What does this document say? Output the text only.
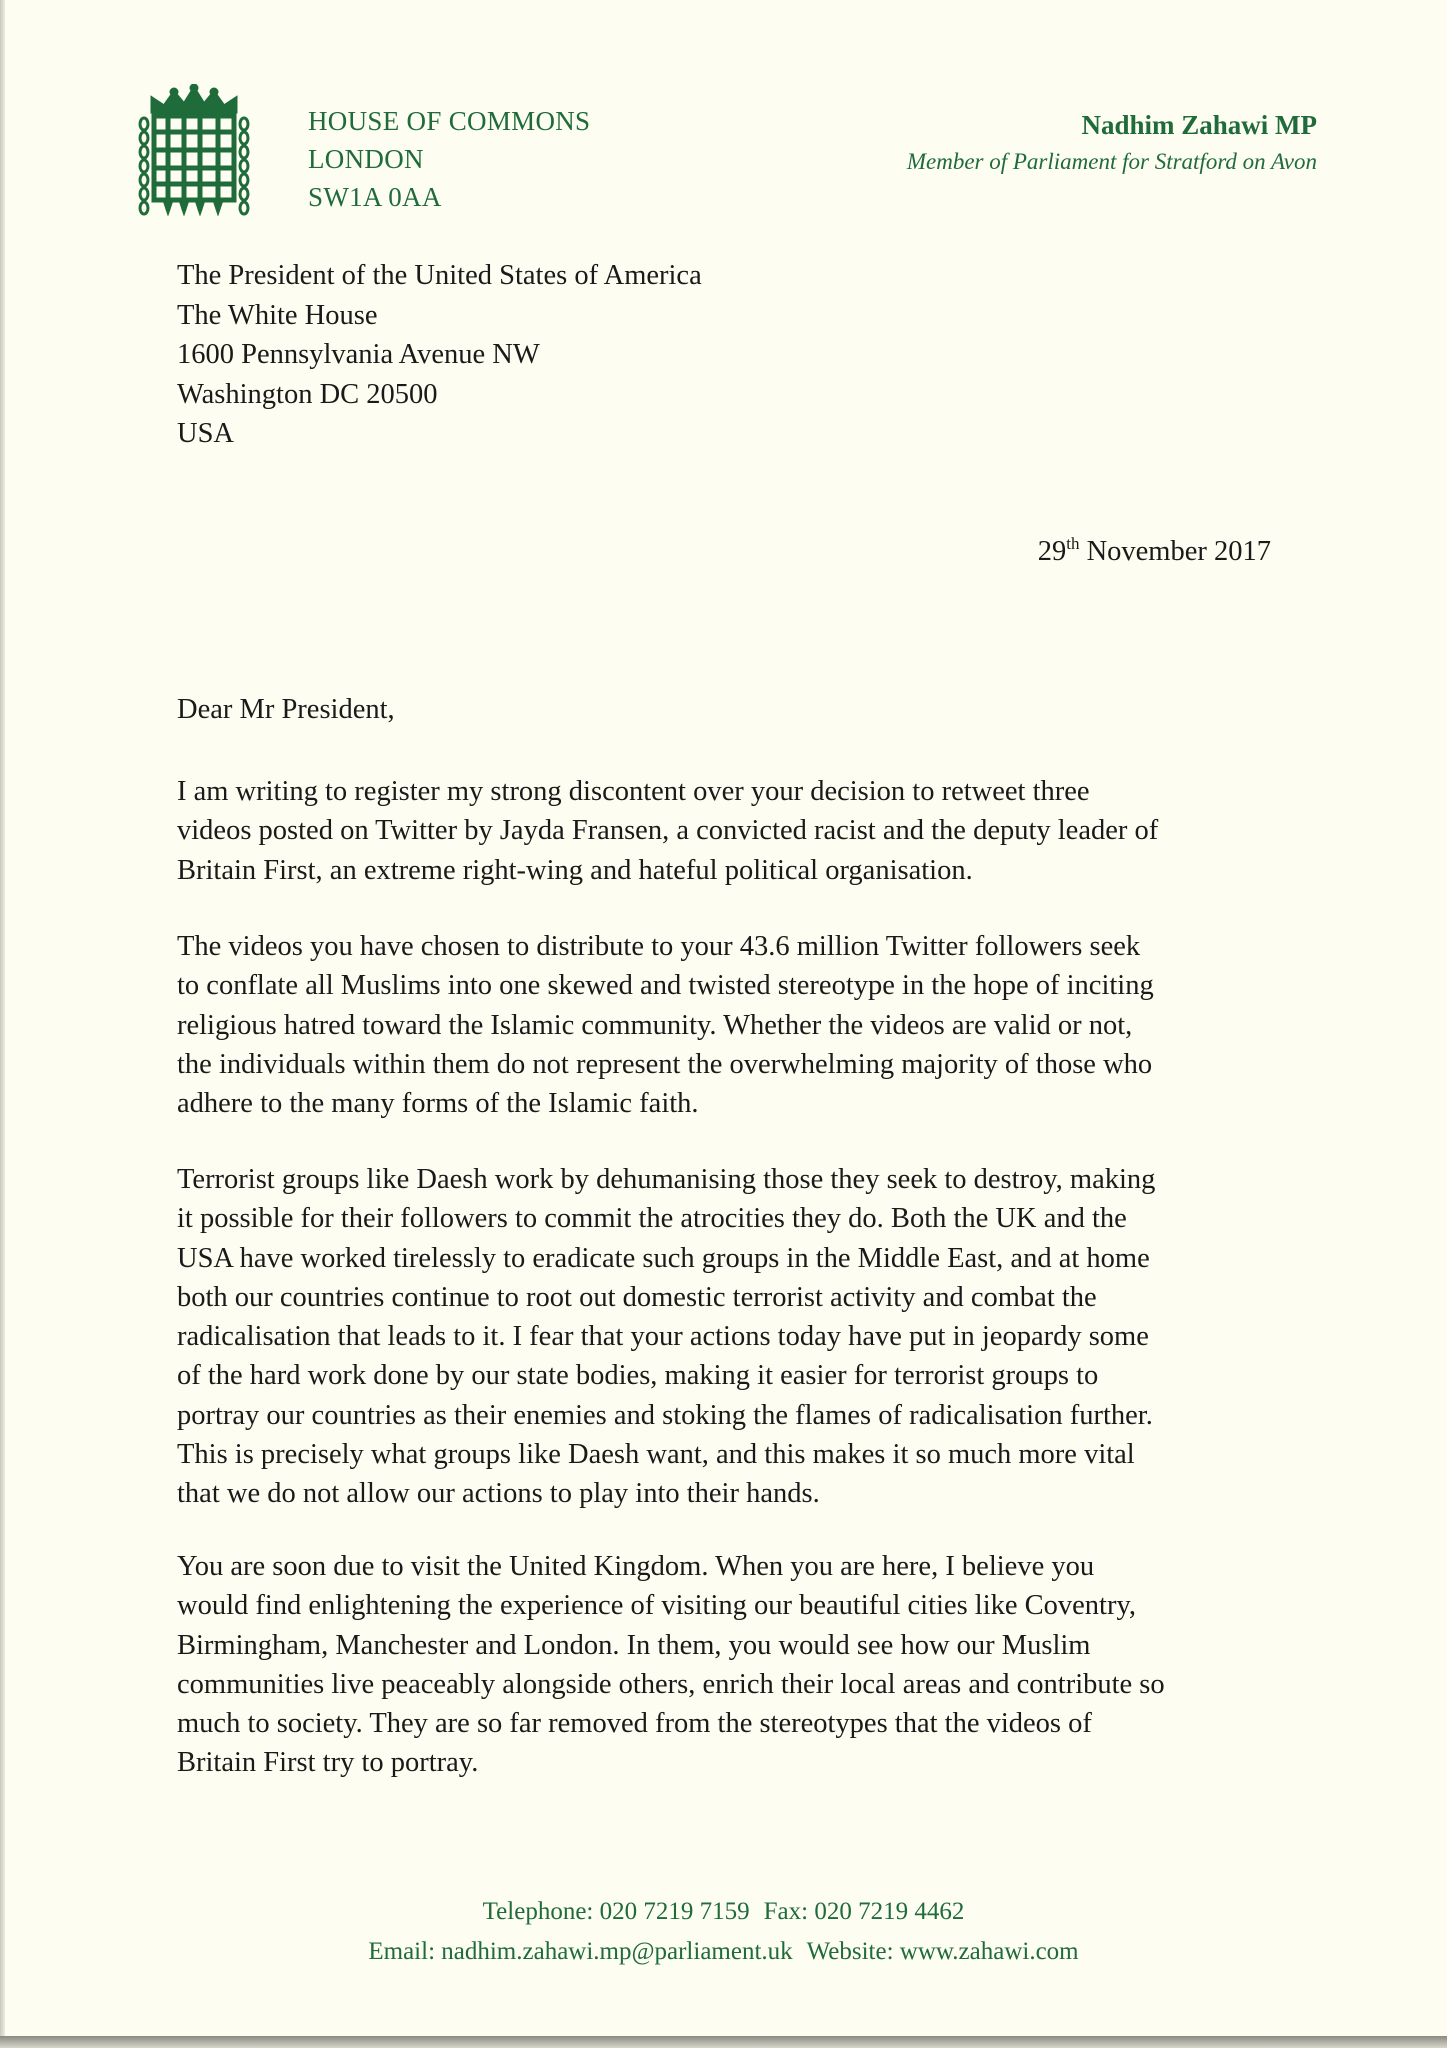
HOUSE OF COMMONS
LONDON
SW1A 0AA
Nadhim Zahawi MP
Member of Parliament for Stratford on Avon
The President of the United States of America
The White House
1600 Pennsylvania Avenue NW
Washington DC 20500
USA
29th November 2017
Dear Mr President,
I am writing to register my strong discontent over your decision to retweet three
videos posted on Twitter by Jayda Fransen, a convicted racist and the deputy leader of
Britain First, an extreme right-wing and hateful political organisation.
The videos you have chosen to distribute to your 43.6 million Twitter followers seek
to conflate all Muslims into one skewed and twisted stereotype in the hope of inciting
religious hatred toward the Islamic community. Whether the videos are valid or not,
the individuals within them do not represent the overwhelming majority of those who
adhere to the many forms of the Islamic faith.
Terrorist groups like Daesh work by dehumanising those they seek to destroy, making
it possible for their followers to commit the atrocities they do. Both the UK and the
USA have worked tirelessly to eradicate such groups in the Middle East, and at home
both our countries continue to root out domestic terrorist activity and combat the
radicalisation that leads to it. I fear that your actions today have put in jeopardy some
of the hard work done by our state bodies, making it easier for terrorist groups to
portray our countries as their enemies and stoking the flames of radicalisation further.
This is precisely what groups like Daesh want, and this makes it so much more vital
that we do not allow our actions to play into their hands.
You are soon due to visit the United Kingdom. When you are here, I believe you
would find enlightening the experience of visiting our beautiful cities like Coventry,
Birmingham, Manchester and London. In them, you would see how our Muslim
communities live peaceably alongside others, enrich their local areas and contribute so
much to society. They are so far removed from the stereotypes that the videos of
Britain First try to portray.
Telephone: 020 7219 7159 Fax: 020 7219 4462
Email: nadhim.zahawi.mp@parliament.uk Website: www.zahawi.com
